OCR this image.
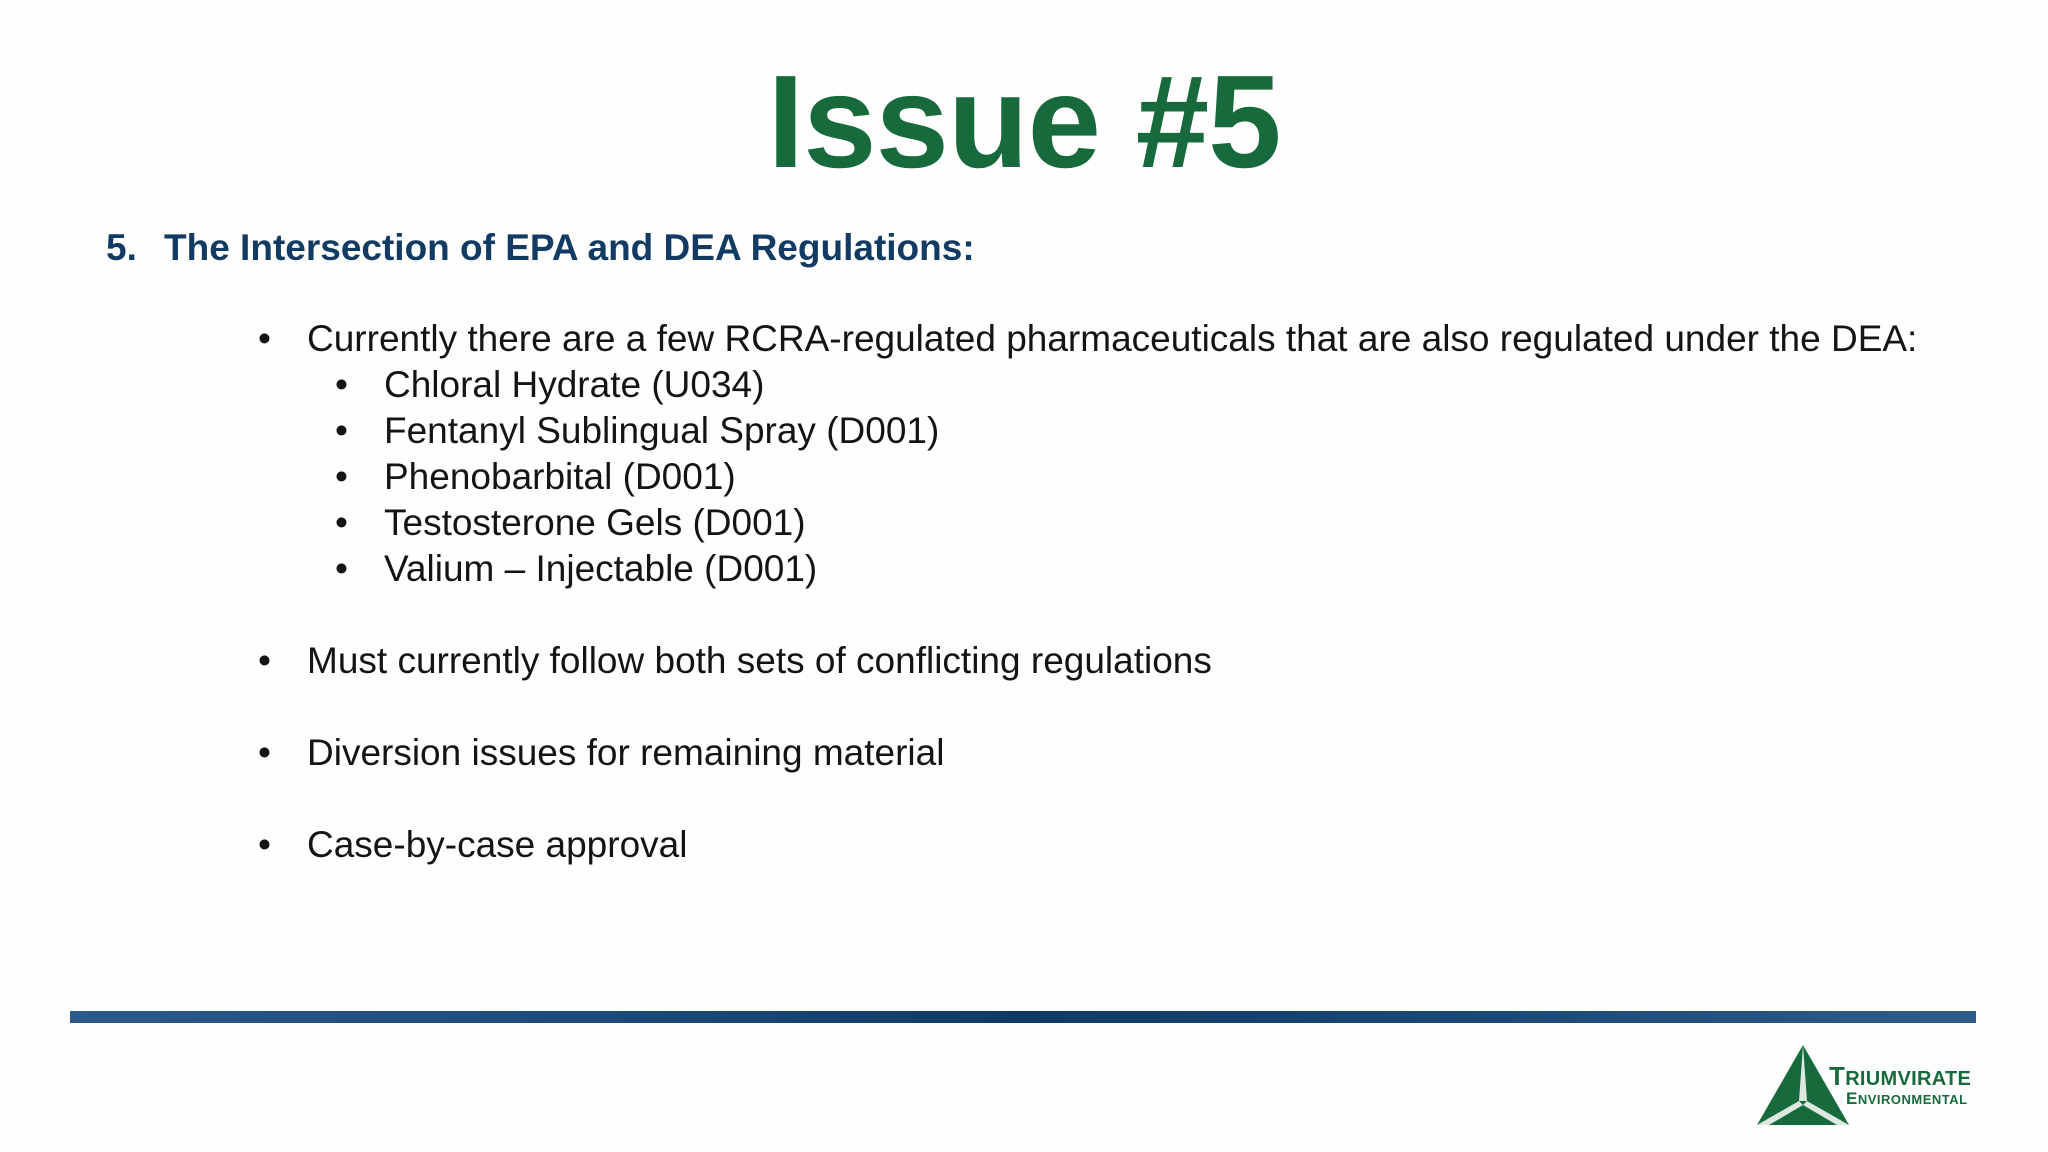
Issue #5
5. The Intersection of EPA and DEA Regulations:
• Currently there are a few RCRA-regulated pharmaceuticals that are also regulated under the DEA:
• Chloral Hydrate (U034)
• Fentanyl Sublingual Spray (D001)
• Phenobarbital (D001)
• Testosterone Gels (D001)
• Valium – Injectable (D001)
• Must currently follow both sets of conflicting regulations
• Diversion issues for remaining material
• Case-by-case approval
TRIUMVIRATE
ENVIRONMENTAL
